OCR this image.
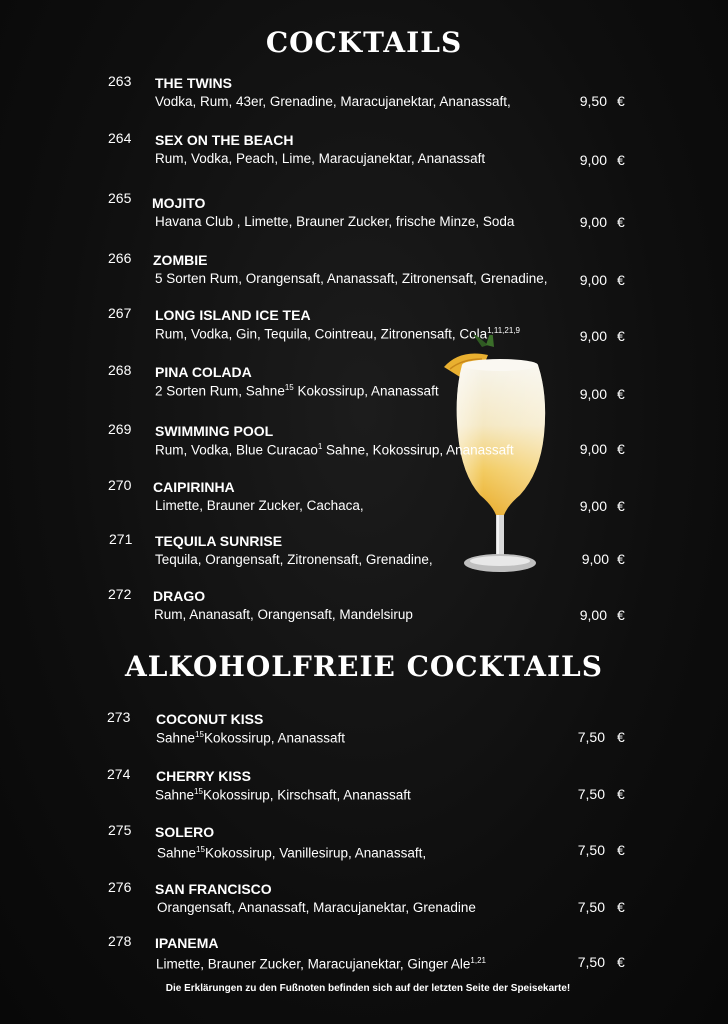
COCKTAILS
263 THE TWINS
Vodka, Rum, 43er, Grenadine, Maracujanektar, Ananassaft,	9,50 €
264 SEX ON THE BEACH
Rum, Vodka, Peach, Lime, Maracujanektar, Ananassaft	9,00 €
265 MOJITO
Havana Club , Limette, Brauner Zucker, frische Minze, Soda	9,00 €
266 ZOMBIE
5 Sorten Rum, Orangensaft, Ananassaft, Zitronensaft, Grenadine,	9,00 €
267 LONG ISLAND ICE TEA
Rum, Vodka, Gin, Tequila, Cointreau, Zitronensaft, Cola$^{1,11,21,9}$	9,00 €
268 PINA COLADA
2 Sorten Rum, Sahne$^{15}$ Kokossirup, Ananassaft	9,00 €
269 SWIMMING POOL
Rum, Vodka, Blue Curacao$^1$ Sahne, Kokossirup, Ananassaft	9,00 €
270 CAIPIRINHA
Limette, Brauner Zucker, Cachaca,	9,00 €
271 TEQUILA SUNRISE
Tequila, Orangensaft, Zitronensaft, Grenadine,	9,00 €
272 DRAGO
Rum, Ananasaft, Orangensaft, Mandelsirup	9,00 €
ALKOHOLFREIE COCKTAILS
273 COCONUT KISS
Sahne$^{15}$Kokossirup, Ananassaft	7,50 €
274 CHERRY KISS
Sahne$^{15}$Kokossirup, Kirschsaft, Ananassaft	7,50 €
275 SOLERO
Sahne$^{15}$Kokossirup, Vanillesirup, Ananassaft,	7,50 €
276 SAN FRANCISCO
Orangensaft, Ananassaft, Maracujanektar, Grenadine	7,50 €
278 IPANEMA
Limette, Brauner Zucker, Maracujanektar, Ginger Ale$^{1,21}$	7,50 €
Die Erklärungen zu den Fußnoten befinden sich auf der letzten Seite der Speisekarte!
